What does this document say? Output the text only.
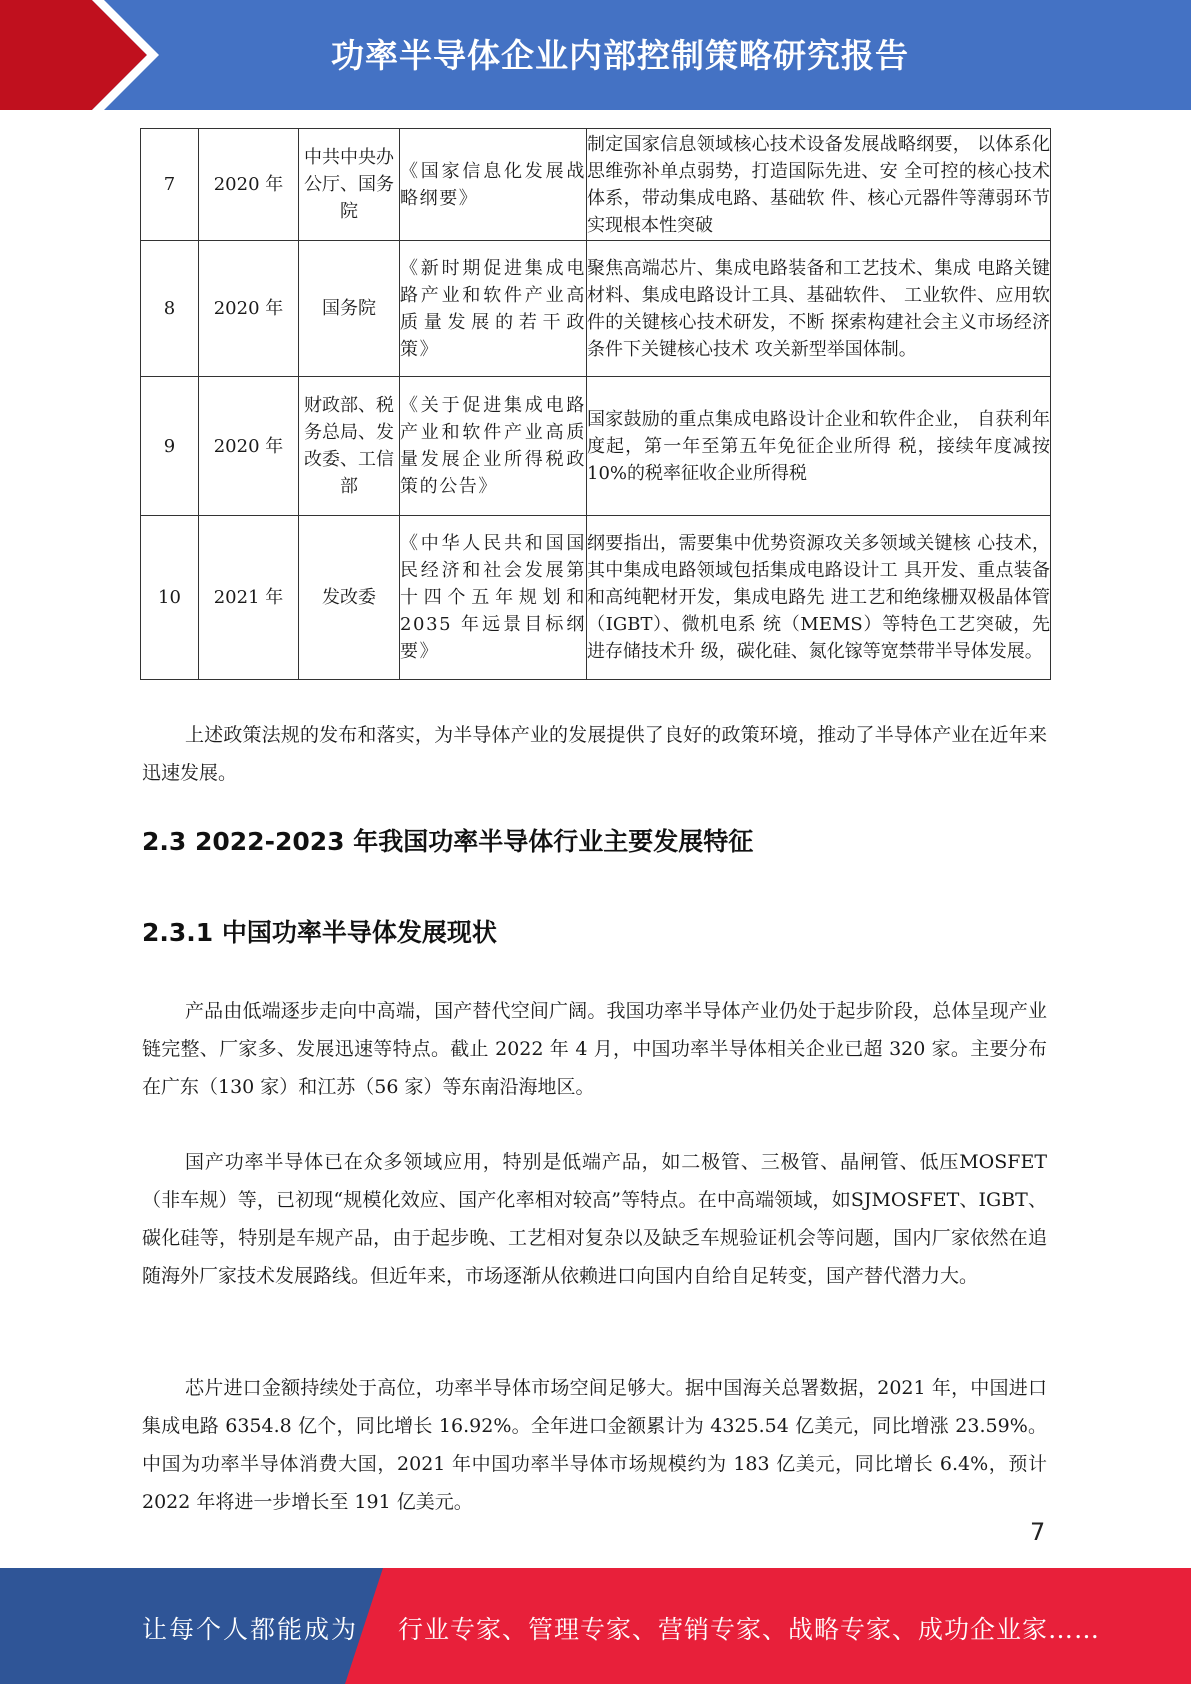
功率半导体企业内部控制策略研究报告
7	2020 年	中共中央办公厅、国务院	《国家信息化发展战略纲要》	制定国家信息领域核心技术设备发展战略纲要， 以体系化思维弥补单点弱势，打造国际先进、安 全可控的核心技术体系，带动集成电路、基础软 件、核心元器件等薄弱环节实现根本性突破
8	2020 年	国务院	《新时期促进集成电路产业和软件产业高质量发展的若干政策》	聚焦高端芯片、集成电路装备和工艺技术、集成 电路关键材料、集成电路设计工具、基础软件、 工业软件、应用软件的关键核心技术研发，不断 探索构建社会主义市场经济条件下关键核心技术 攻关新型举国体制。
9	2020 年	财政部、税务总局、发改委、工信部	《关于促进集成电路产业和软件产业高质量发展企业所得税政策的公告》	国家鼓励的重点集成电路设计企业和软件企业， 自获利年度起，第一年至第五年免征企业所得 税，接续年度减按 10%的税率征收企业所得税
10	2021 年	发改委	《中华人民共和国国民经济和社会发展第十四个五年规划和 2035 年远景目标纲要》	纲要指出，需要集中优势资源攻关多领域关键核 心技术，其中集成电路领域包括集成电路设计工 具开发、重点装备和高纯靶材开发，集成电路先 进工艺和绝缘栅双极晶体管（IGBT）、微机电系 统（MEMS）等特色工艺突破，先进存储技术升 级，碳化硅、氮化镓等宽禁带半导体发展。

上述政策法规的发布和落实，为半导体产业的发展提供了良好的政策环境，推动了半导体产业在近年来迅速发展。

2.3 2022-2023 年我国功率半导体行业主要发展特征
2.3.1 中国功率半导体发展现状

产品由低端逐步走向中高端，国产替代空间广阔。我国功率半导体产业仍处于起步阶段，总体呈现产业链完整、厂家多、发展迅速等特点。截止 2022 年 4 月，中国功率半导体相关企业已超 320 家。主要分布在广东（130 家）和江苏（56 家）等东南沿海地区。

国产功率半导体已在众多领域应用，特别是低端产品，如二极管、三极管、晶闸管、低压MOSFET（非车规）等，已初现“规模化效应、国产化率相对较高”等特点。在中高端领域，如SJMOSFET、IGBT、碳化硅等，特别是车规产品，由于起步晚、工艺相对复杂以及缺乏车规验证机会等问题，国内厂家依然在追随海外厂家技术发展路线。但近年来，市场逐渐从依赖进口向国内自给自足转变，国产替代潜力大。

芯片进口金额持续处于高位，功率半导体市场空间足够大。据中国海关总署数据，2021 年，中国进口集成电路 6354.8 亿个，同比增长 16.92%。全年进口金额累计为 4325.54 亿美元，同比增涨 23.59%。中国为功率半导体消费大国，2021 年中国功率半导体市场规模约为 183 亿美元，同比增长 6.4%，预计 2022 年将进一步增长至 191 亿美元。

7
让每个人都能成为 行业专家、管理专家、营销专家、战略专家、成功企业家……
